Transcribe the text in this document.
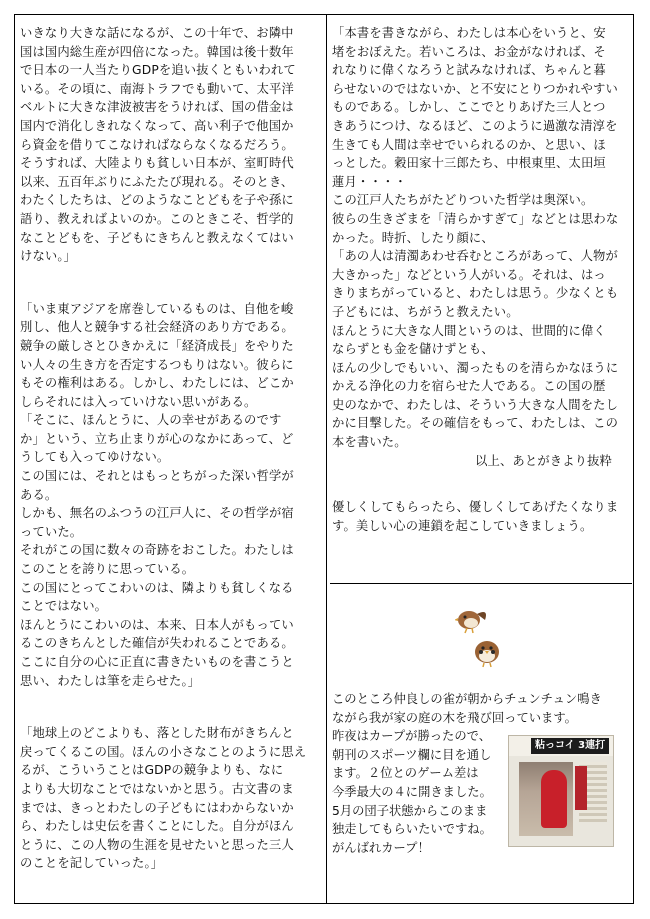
いきなり大きな話になるが、この十年で、お隣中
国は国内総生産が四倍になった。韓国は後十数年
で日本の一人当たりGDPを追い抜くともいわれて
いる。その頃に、南海トラフでも動いて、太平洋
ベルトに大きな津波被害をうければ、国の借金は
国内で消化しきれなくなって、高い利子で他国か
ら資金を借りてこなければならなくなるだろう。
そうすれば、大陸よりも貧しい日本が、室町時代
以来、五百年ぶりにふたたび現れる。そのとき、
わたくしたちは、どのようなことどもを子や孫に
語り、教えればよいのか。このときこそ、哲学的
なことどもを、子どもにきちんと教えなくてはい
けない。」

「いま東アジアを席巻しているものは、自他を峻
別し、他人と競争する社会経済のあり方である。
競争の厳しさとひきかえに「経済成長」をやりた
い人々の生き方を否定するつもりはない。彼らに
もその権利はある。しかし、わたしには、どこか
しらそれには入っていけない思いがある。
「そこに、ほんとうに、人の幸せがあるのです
か」という、立ち止まりが心のなかにあって、ど
うしても入ってゆけない。
この国には、それとはもっとちがった深い哲学が
ある。
しかも、無名のふつうの江戸人に、その哲学が宿
っていた。
それがこの国に数々の奇跡をおこした。わたしは
このことを誇りに思っている。
この国にとってこわいのは、隣よりも貧しくなる
ことではない。
ほんとうにこわいのは、本来、日本人がもってい
るこのきちんとした確信が失われることである。
ここに自分の心に正直に書きたいものを書こうと
思い、わたしは筆を走らせた。」

「地球上のどこよりも、落とした財布がきちんと
戻ってくるこの国。ほんの小さなことのように思え
るが、こういうことはGDPの競争よりも、なに
よりも大切なことではないかと思う。古文書のま
までは、きっとわたしの子どもにはわからないか
ら、わたしは史伝を書くことにした。自分がほん
とうに、この人物の生涯を見せたいと思った三人
のことを記していった。」

「本書を書きながら、わたしは本心をいうと、安
堵をおぼえた。若いころは、お金がなければ、そ
れなりに偉くなろうと試みなければ、ちゃんと暮
らせないのではないか、と不安にとりつかれやすい
ものである。しかし、ここでとりあげた三人とつ
きあうにつけ、なるほど、このように過激な清淳を
生きても人間は幸せでいられるのか、と思い、ほ
っとした。穀田家十三郎たち、中根東里、太田垣
蓮月・・・・
この江戸人たちがたどりついた哲学は奥深い。
彼らの生きざまを「清らかすぎて」などとは思わな
かった。時折、したり顔に、
「あの人は清濁あわせ呑むところがあって、人物が
大きかった」などという人がいる。それは、はっ
きりまちがっていると、わたしは思う。少なくとも
子どもには、ちがうと教えたい。
ほんとうに大きな人間というのは、世間的に偉く
ならずとも金を儲けずとも、
ほんの少しでもいい、濁ったものを清らかなほうに
かえる浄化の力を宿らせた人である。この国の歴
史のなかで、わたしは、そういう大きな人間をたし
かに目撃した。その確信をもって、わたしは、この
本を書いた。

以上、あとがきより抜粋

優しくしてもらったら、優しくしてあげたくなりま
す。美しい心の連鎖を起こしていきましょう。

このところ仲良しの雀が朝からチュンチュン鳴き
ながら我が家の庭の木を飛び回っています。

昨夜はカープが勝ったので、
朝刊のスポーツ欄に目を通し
ます。２位とのゲーム差は
今季最大の４に開きました。
5月の団子状態からこのまま
独走してもらいたいですね。
がんばれカープ！

粘っコイ 3連打
